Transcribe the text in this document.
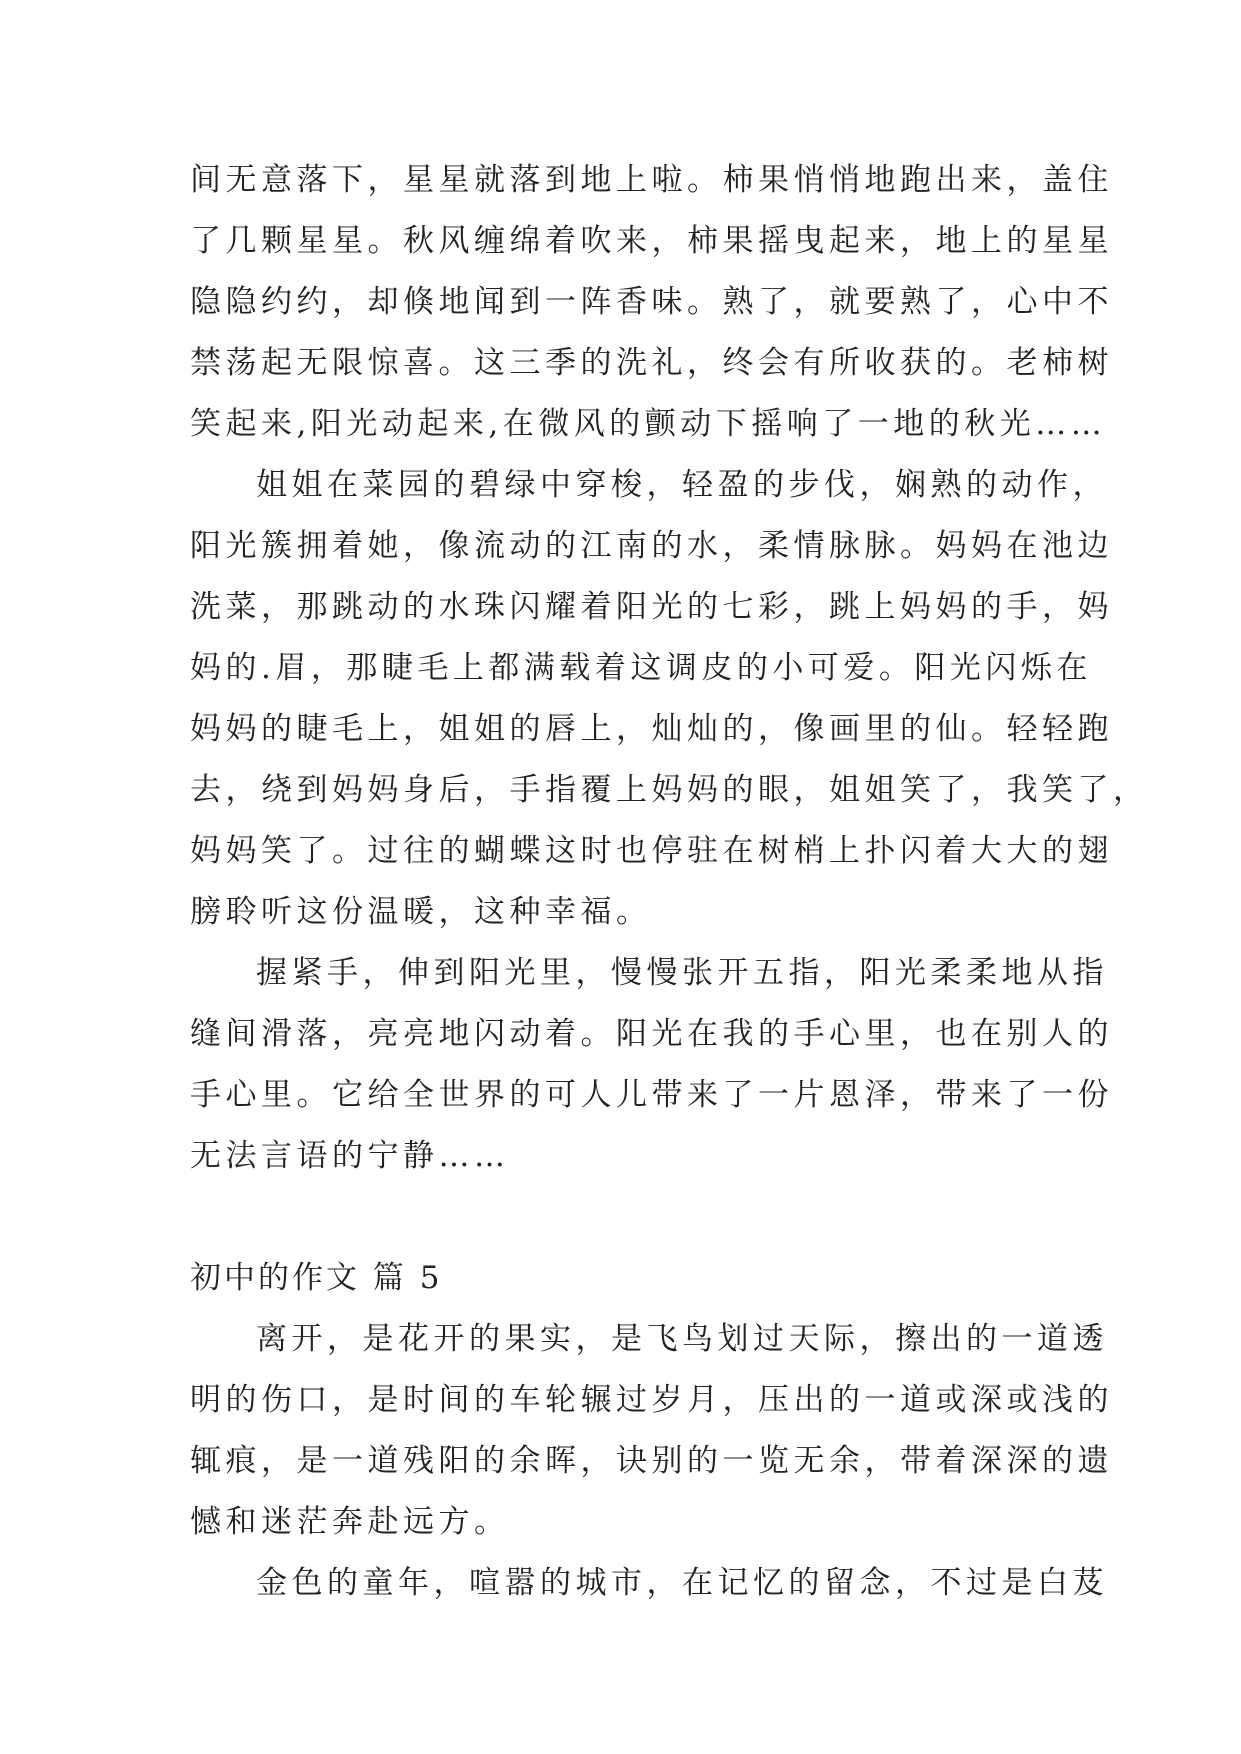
间无意落下，星星就落到地上啦。柿果悄悄地跑出来，盖住
了几颗星星。秋风缠绵着吹来，柿果摇曳起来，地上的星星
隐隐约约，却倏地闻到一阵香味。熟了，就要熟了，心中不
禁荡起无限惊喜。这三季的洗礼，终会有所收获的。老柿树
笑起来,阳光动起来,在微风的颤动下摇响了一地的秋光……
姐姐在菜园的碧绿中穿梭，轻盈的步伐，娴熟的动作，
阳光簇拥着她，像流动的江南的水，柔情脉脉。妈妈在池边
洗菜，那跳动的水珠闪耀着阳光的七彩，跳上妈妈的手，妈
妈的.眉，那睫毛上都满载着这调皮的小可爱。阳光闪烁在
妈妈的睫毛上，姐姐的唇上，灿灿的，像画里的仙。轻轻跑
去，绕到妈妈身后，手指覆上妈妈的眼，姐姐笑了，我笑了，
妈妈笑了。过往的蝴蝶这时也停驻在树梢上扑闪着大大的翅
膀聆听这份温暖，这种幸福。
握紧手，伸到阳光里，慢慢张开五指，阳光柔柔地从指
缝间滑落，亮亮地闪动着。阳光在我的手心里，也在别人的
手心里。它给全世界的可人儿带来了一片恩泽，带来了一份
无法言语的宁静……
初中的作文 篇 5
离开，是花开的果实，是飞鸟划过天际，擦出的一道透
明的伤口，是时间的车轮辗过岁月，压出的一道或深或浅的
辄痕，是一道残阳的余晖，诀别的一览无余，带着深深的遗
憾和迷茫奔赴远方。
金色的童年，喧嚣的城市，在记忆的留念，不过是白芨
